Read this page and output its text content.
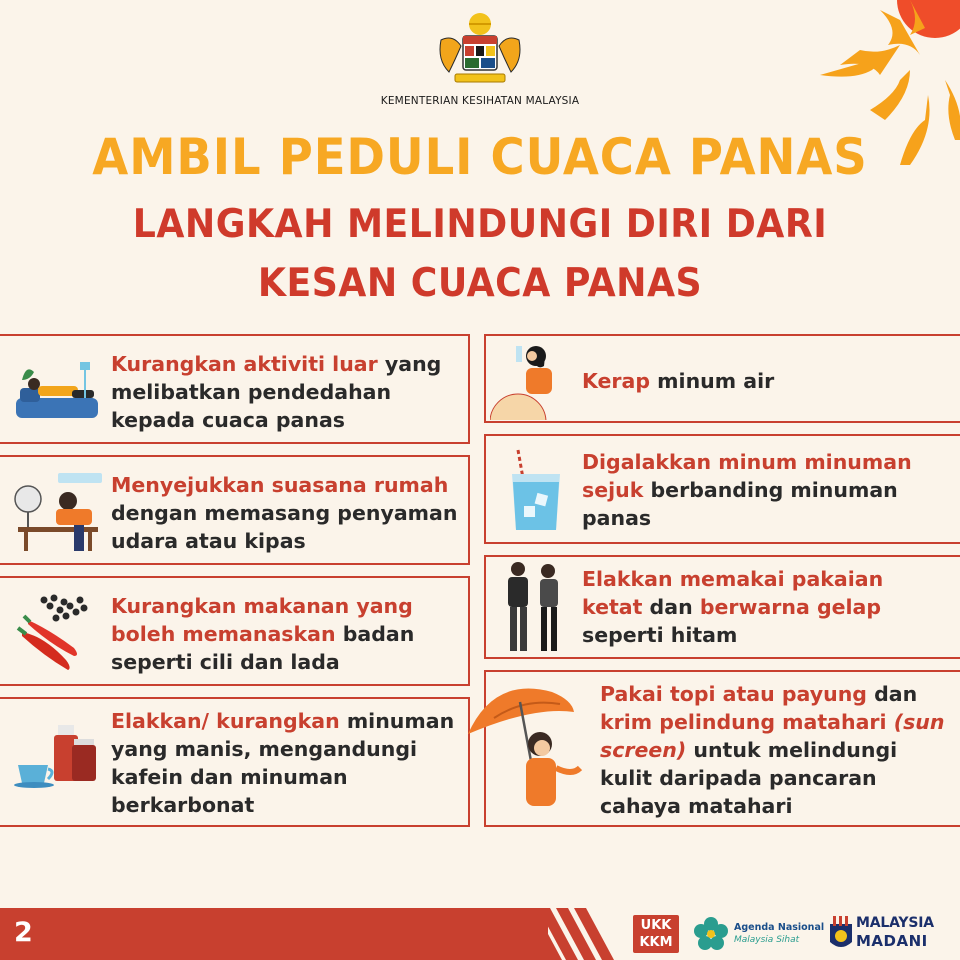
KEMENTERIAN KESIHATAN MALAYSIA
AMBIL PEDULI CUACA PANAS
LANGKAH MELINDUNGI DIRI DARI
KESAN CUACA PANAS
Kurangkan aktiviti luar yang melibatkan pendedahan kepada cuaca panas
Menyejukkan suasana rumah dengan memasang penyaman udara atau kipas
Kurangkan makanan yang boleh memanaskan badan seperti cili dan lada
Elakkan/ kurangkan minuman yang manis, mengandungi kafein dan minuman berkarbonat
Kerap minum air
Digalakkan minum minuman sejuk berbanding minuman panas
Elakkan memakai pakaian ketat dan berwarna gelap seperti hitam
Pakai topi atau payung dan krim pelindung matahari (sun screen) untuk melindungi kulit daripada pancaran cahaya matahari
2	UKK
KKM
Agenda Nasional
Malaysia Sihat
MALAYSIA
MADANI
